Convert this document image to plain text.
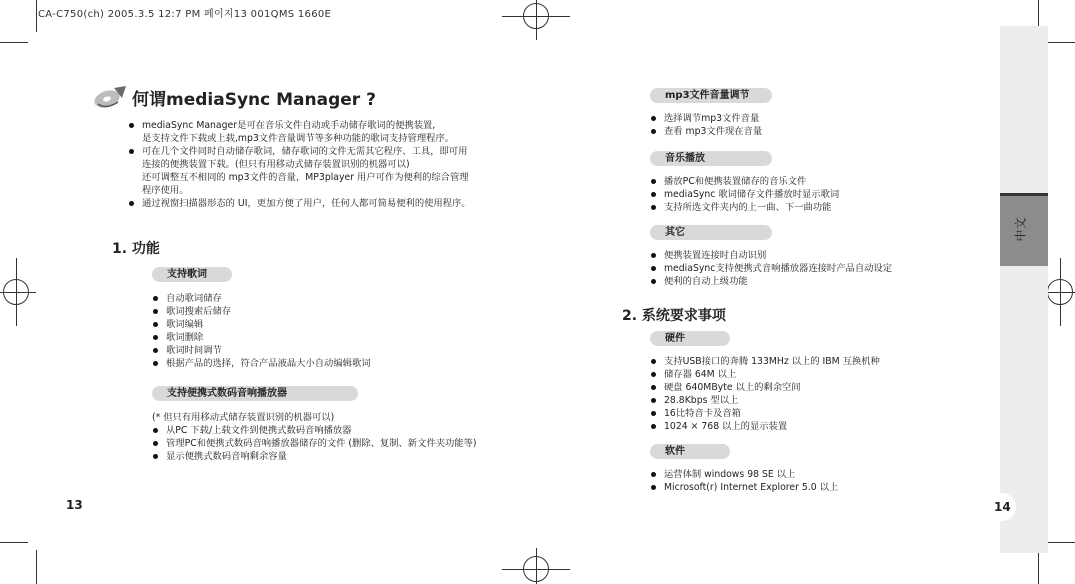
CA-C750(ch) 2005.3.5 12:7 PM 페이지13 001QMS 1660E
何谓mediaSync Manager ?
mediaSync Manager是可在音乐文件自动或手动储存歌词的便携装置,
是支持文件下载或上载,mp3文件音量调节等多种功能的歌词支持管理程序。
可在几个文件同时自动储存歌词，储存歌词的文件无需其它程序、工具，即可用
连接的便携装置下载。(但只有用移动式储存装置识别的机器可以)
还可调整互不相同的 mp3文件的音量，MP3player 用户可作为便利的综合管理
程序使用。
通过视窗扫描器形态的 UI，更加方便了用户，任何人都可简易便利的使用程序。
1. 功能
支持歌词
自动歌词储存
歌词搜索后储存
歌词编辑
歌词删除
歌词时间调节
根据产品的选择，符合产品液晶大小自动编辑歌词
支持便携式数码音响播放器
(* 但只有用移动式储存装置识别的机器可以)
从PC 下载/上载文件到便携式数码音响播放器
管理PC和便携式数码音响播放器储存的文件 (删除、复制、新文件夹功能等)
显示便携式数码音响剩余容量
13
mp3文件音量调节
选择调节mp3文件音量
查看 mp3文件现在音量
音乐播放
播放PC和便携装置储存的音乐文件
mediaSync 歌词储存文件播放时显示歌词
支持所选文件夹内的上一曲、下一曲功能
其它
便携装置连接时自动识别
mediaSync支持便携式音响播放器连接时产品自动设定
便利的自动上级功能
2. 系统要求事项
硬件
支持USB接口的奔腾 133MHz 以上的 IBM 互换机种
储存器 64M 以上
硬盘 640MByte 以上的剩余空间
28.8Kbps 型以上
16比特音卡及音箱
1024 × 768 以上的显示装置
软件
运营体制 windows 98 SE 以上
Microsoft(r) Internet Explorer 5.0 以上
中文
14
